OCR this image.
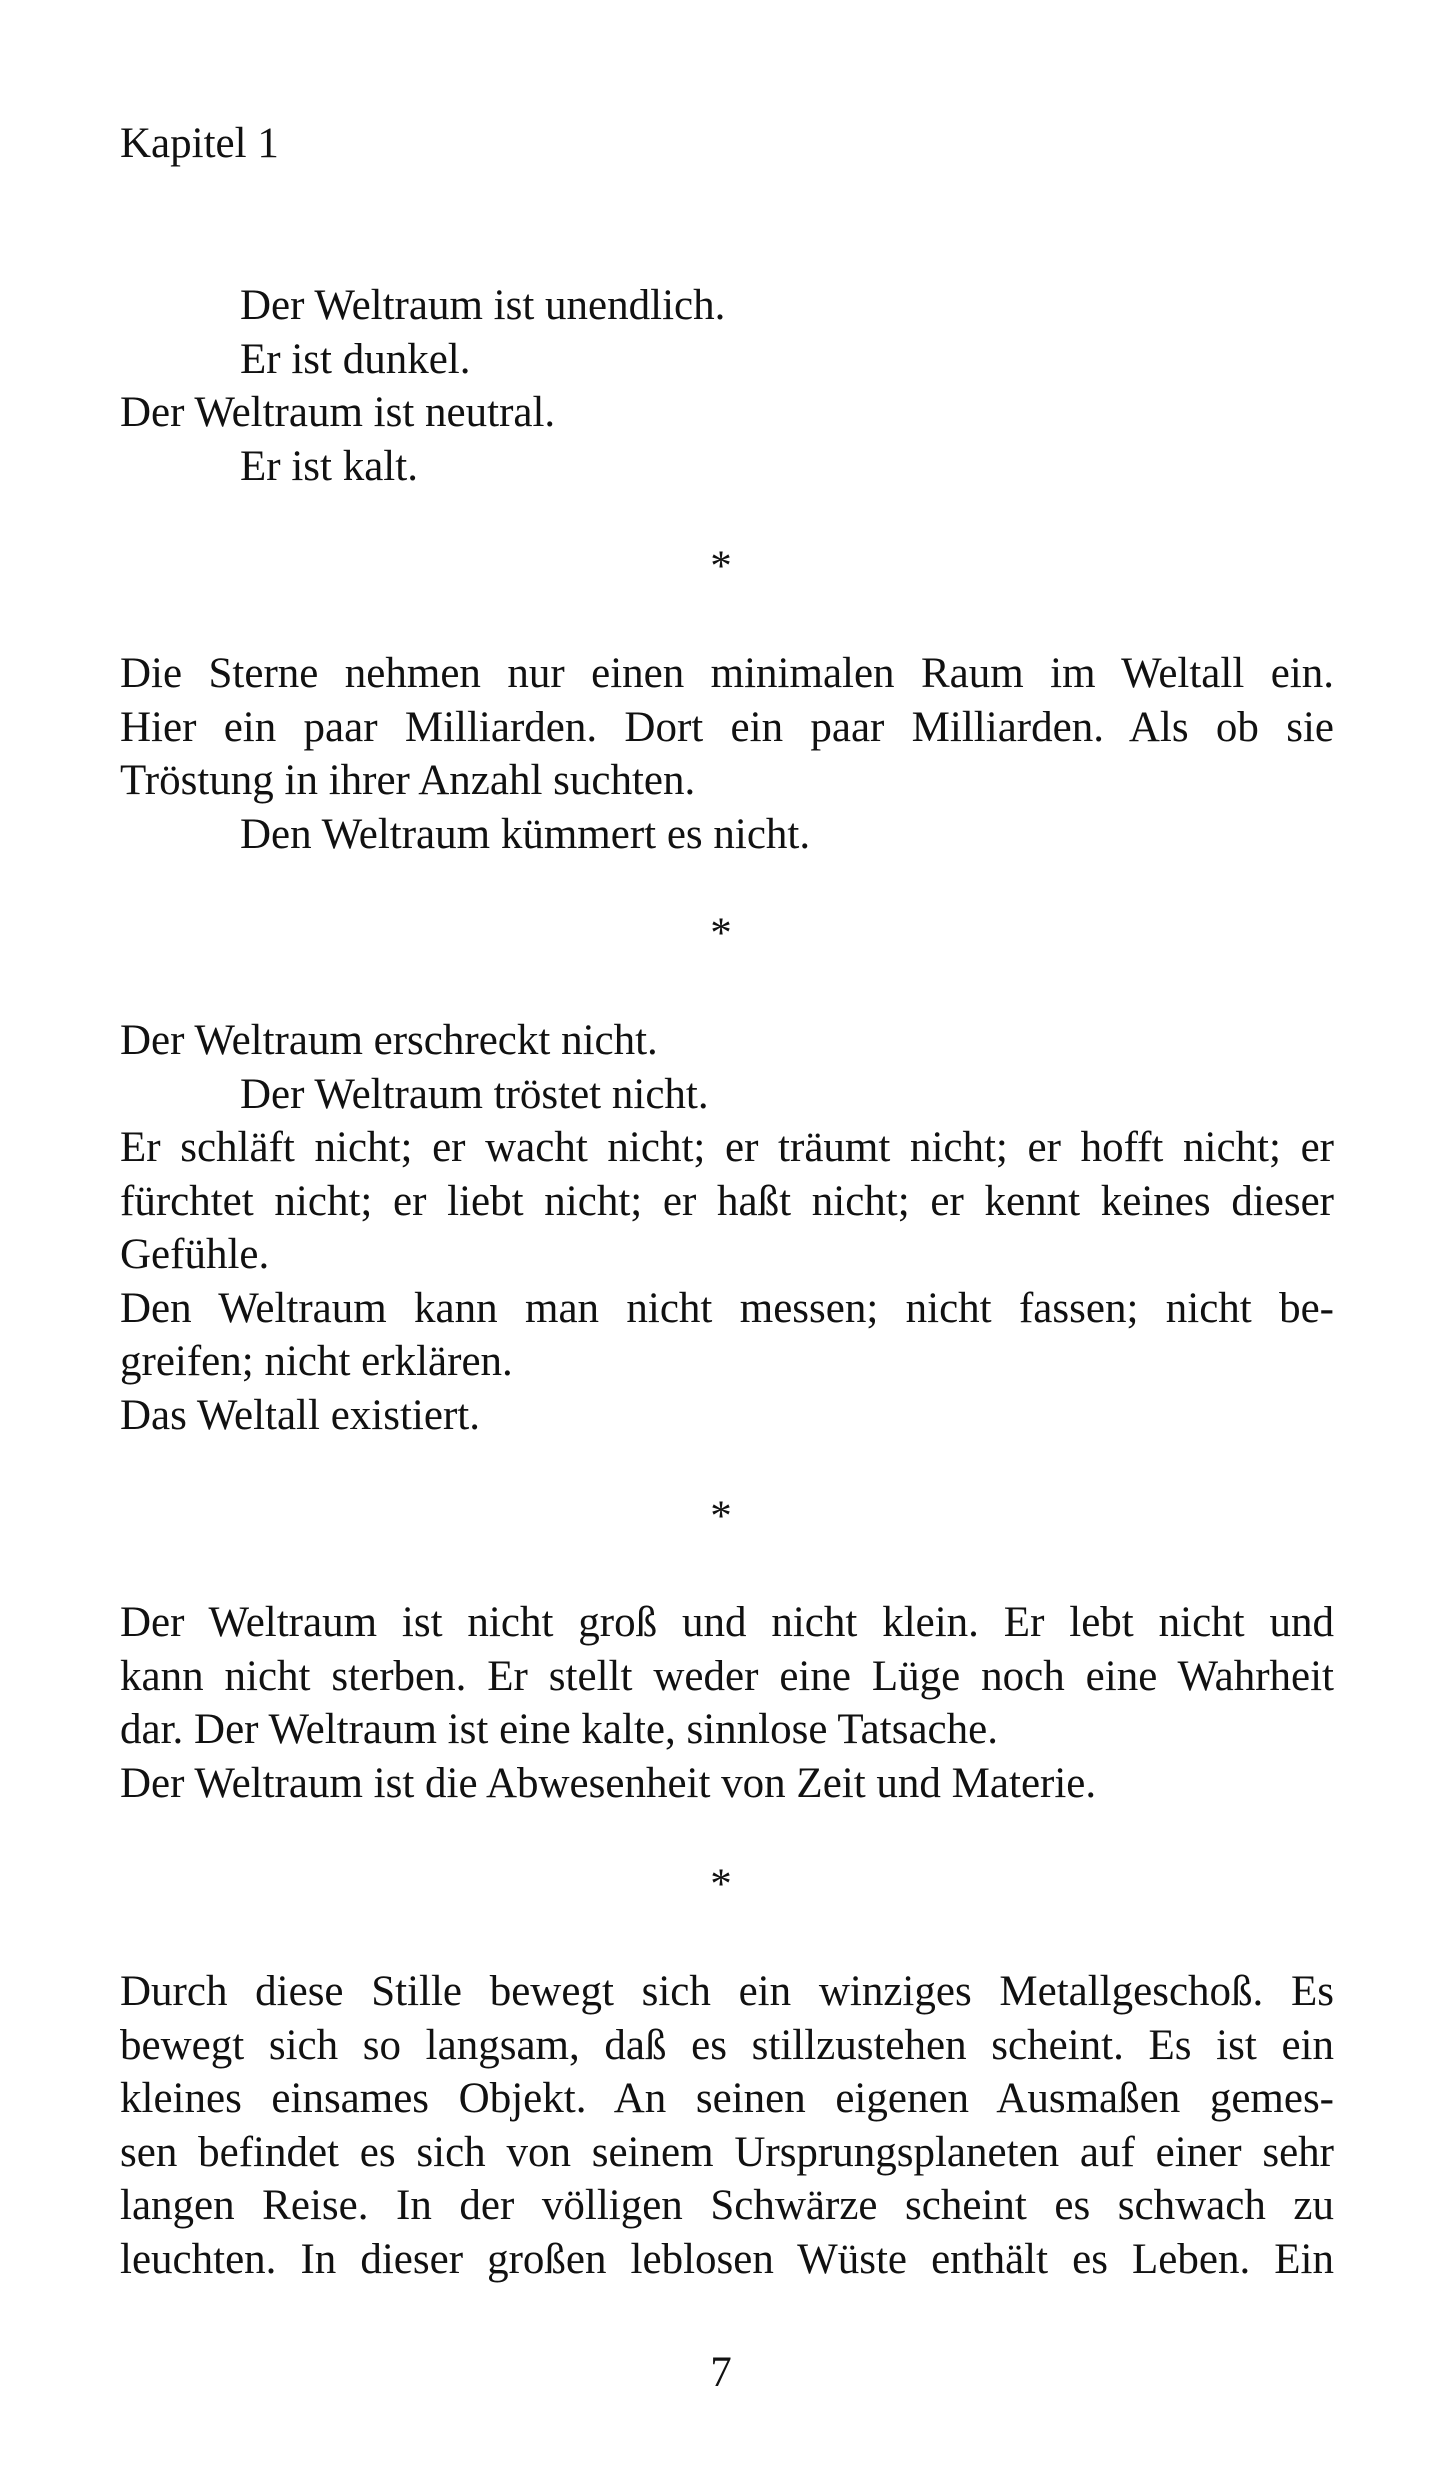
Kapitel 1
Der Weltraum ist unendlich.
Er ist dunkel.
Der Weltraum ist neutral.
Er ist kalt.
*
Die Sterne nehmen nur einen minimalen Raum im Weltall ein.
Hier ein paar Milliarden. Dort ein paar Milliarden. Als ob sie
Tröstung in ihrer Anzahl suchten.
Den Weltraum kümmert es nicht.
*
Der Weltraum erschreckt nicht.
Der Weltraum tröstet nicht.
Er schläft nicht; er wacht nicht; er träumt nicht; er hofft nicht; er
fürchtet nicht; er liebt nicht; er haßt nicht; er kennt keines dieser
Gefühle.
Den Weltraum kann man nicht messen; nicht fassen; nicht be-
greifen; nicht erklären.
Das Weltall existiert.
*
Der Weltraum ist nicht groß und nicht klein. Er lebt nicht und
kann nicht sterben. Er stellt weder eine Lüge noch eine Wahrheit
dar. Der Weltraum ist eine kalte, sinnlose Tatsache.
Der Weltraum ist die Abwesenheit von Zeit und Materie.
*
Durch diese Stille bewegt sich ein winziges Metallgeschoß. Es
bewegt sich so langsam, daß es stillzustehen scheint. Es ist ein
kleines einsames Objekt. An seinen eigenen Ausmaßen gemes-
sen befindet es sich von seinem Ursprungsplaneten auf einer sehr
langen Reise. In der völligen Schwärze scheint es schwach zu
leuchten. In dieser großen leblosen Wüste enthält es Leben. Ein
7
